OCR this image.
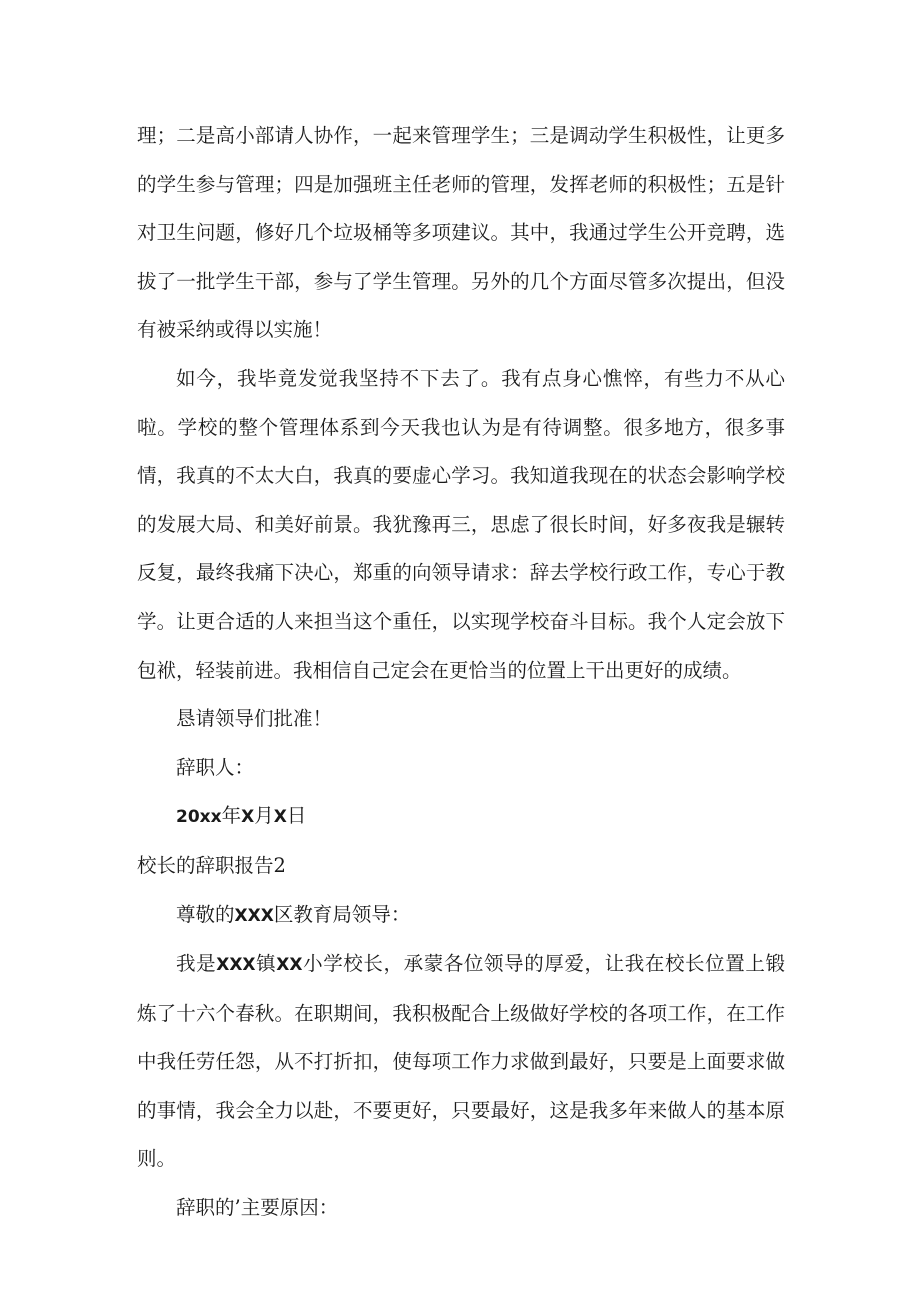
理；二是高小部请人协作，一起来管理学生；三是调动学生积极性，让更多的学生参与管理；四是加强班主任老师的管理，发挥老师的积极性；五是针对卫生问题，修好几个垃圾桶等多项建议。其中，我通过学生公开竞聘，选拔了一批学生干部，参与了学生管理。另外的几个方面尽管多次提出，但没有被采纳或得以实施！

如今，我毕竟发觉我坚持不下去了。我有点身心憔悴，有些力不从心啦。学校的整个管理体系到今天我也认为是有待调整。很多地方，很多事情，我真的不太大白，我真的要虚心学习。我知道我现在的状态会影响学校的发展大局、和美好前景。我犹豫再三，思虑了很长时间，好多夜我是辗转反复，最终我痛下决心，郑重的向领导请求：辞去学校行政工作，专心于教学。让更合适的人来担当这个重任，以实现学校奋斗目标。我个人定会放下包袱，轻装前进。我相信自己定会在更恰当的位置上干出更好的成绩。

恳请领导们批准！

辞职人：

20xx年X月X日

校长的辞职报告2

尊敬的XXX区教育局领导：

我是XXX镇XX小学校长，承蒙各位领导的厚爱，让我在校长位置上锻炼了十六个春秋。在职期间，我积极配合上级做好学校的各项工作，在工作中我任劳任怨，从不打折扣，使每项工作力求做到最好，只要是上面要求做的事情，我会全力以赴，不要更好，只要最好，这是我多年来做人的基本原则。

辞职的’主要原因：
